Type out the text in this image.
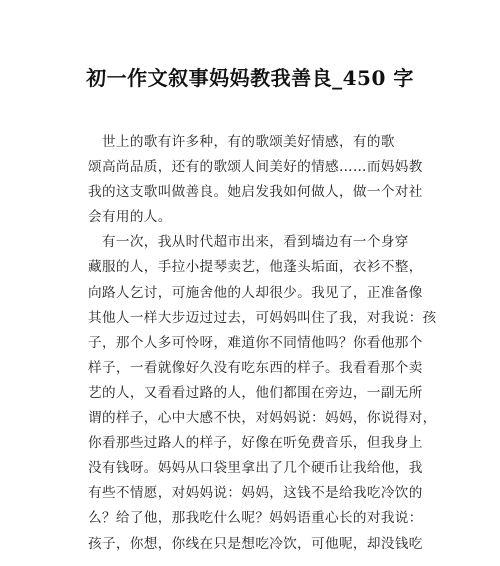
初一作文叙事妈妈教我善良_450 字
　世上的歌有许多种，有的歌颂美好情感，有的歌
颂高尚品质，还有的歌颂人间美好的情感……而妈妈教
我的这支歌叫做善良。她启发我如何做人，做一个对社
会有用的人。
　有一次，我从时代超市出来，看到墙边有一个身穿
藏服的人，手拉小提琴卖艺，他蓬头垢面，衣衫不整，
向路人乞讨，可施舍他的人却很少。我见了，正准备像
其他人一样大步迈过过去，可妈妈叫住了我，对我说：孩
子，那个人多可怜呀，难道你不同情他吗？你看他那个
样子，一看就像好久没有吃东西的样子。我看看那个卖
艺的人，又看看过路的人，他们都围在旁边，一副无所
谓的样子，心中大感不快，对妈妈说：妈妈，你说得对，
你看那些过路人的样子，好像在听免费音乐，但我身上
没有钱呀。妈妈从口袋里拿出了几个硬币让我给他，我
有些不情愿，对妈妈说：妈妈，这钱不是给我吃冷饮的
么？给了他，那我吃什么呢？妈妈语重心长的对我说：
孩子，你想，你线在只是想吃冷饮，可他呢，却没钱吃
